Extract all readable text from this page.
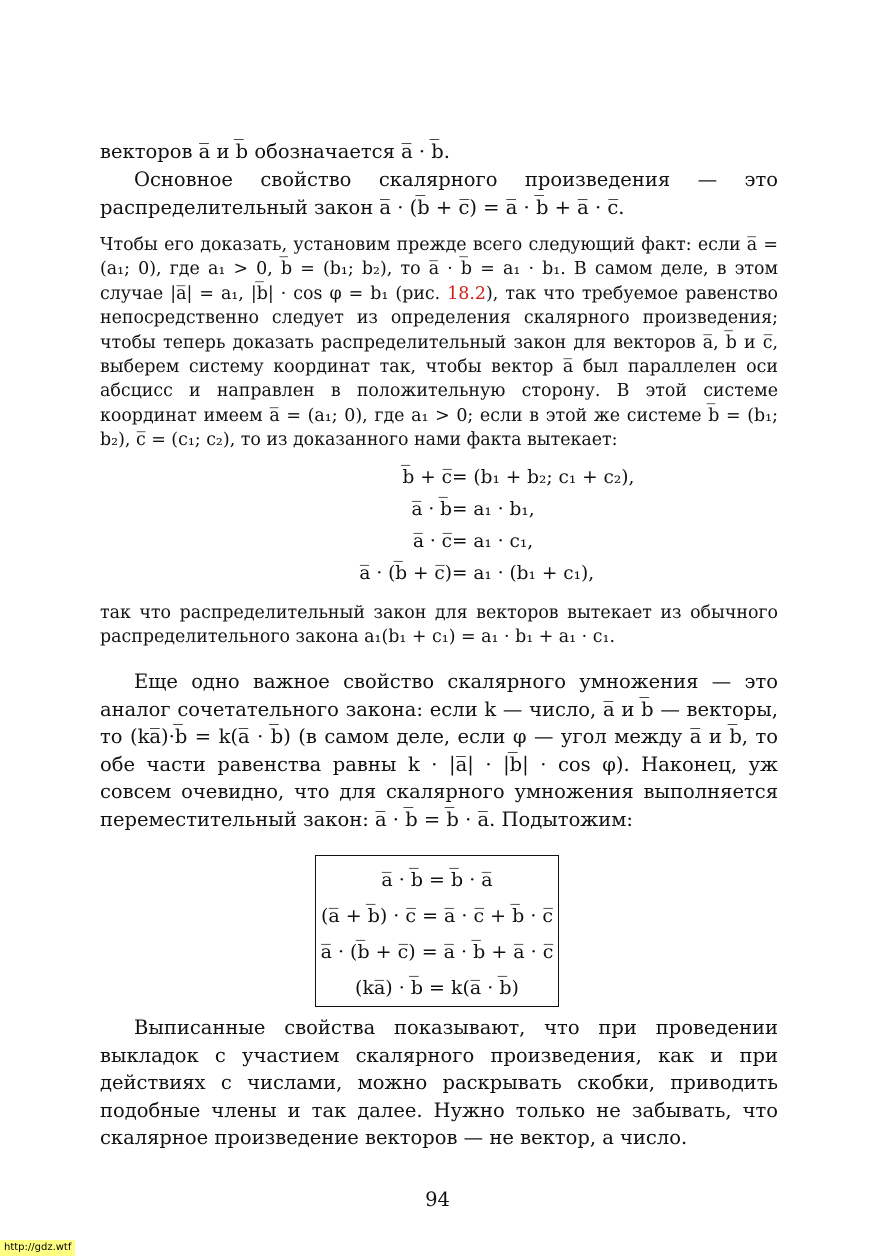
векторов a̅ и b̅ обозначается a̅ · b̅.

Основное свойство скалярного произведения — это распределительный закон a̅ · (b̅ + c̅) = a̅ · b̅ + a̅ · c̅.

Чтобы его доказать, установим прежде всего следующий факт: если a̅ = (a₁; 0), где a₁ > 0, b̅ = (b₁; b₂), то a̅ · b̅ = a₁ · b₁. В самом деле, в этом случае |a̅| = a₁, |b̅| · cos φ = b₁ (рис. 18.2), так что требуемое равенство непосредственно следует из определения скалярного произведения; чтобы теперь доказать распределительный закон для векторов a̅, b̅ и c̅, выберем систему координат так, чтобы вектор a̅ был параллелен оси абсцисс и направлен в положительную сторону. В этой системе координат имеем a̅ = (a₁; 0), где a₁ > 0; если в этой же системе b̅ = (b₁; b₂), c̅ = (c₁; c₂), то из доказанного нами факта вытекает:

b̅ + c̅ = (b₁ + b₂; c₁ + c₂),
a̅ · b̅ = a₁ · b₁,
a̅ · c̅ = a₁ · c₁,
a̅ · (b̅ + c̅) = a₁ · (b₁ + c₁),

так что распределительный закон для векторов вытекает из обычного распределительного закона a₁(b₁ + c₁) = a₁ · b₁ + a₁ · c₁.

Еще одно важное свойство скалярного умножения — это аналог сочетательного закона: если k — число, a̅ и b̅ — векторы, то (ka̅)·b̅ = k(a̅ · b̅) (в самом деле, если φ — угол между a̅ и b̅, то обе части равенства равны k · |a̅| · |b̅| · cos φ). Наконец, уж совсем очевидно, что для скалярного умножения выполняется переместительный закон: a̅ · b̅ = b̅ · a̅. Подытожим:

a̅ · b̅ = b̅ · a̅
(a̅ + b̅) · c̅ = a̅ · c̅ + b̅ · c̅
a̅ · (b̅ + c̅) = a̅ · b̅ + a̅ · c̅
(ka̅) · b̅ = k(a̅ · b̅)

Выписанные свойства показывают, что при проведении выкладок с участием скалярного произведения, как и при действиях с числами, можно раскрывать скобки, приводить подобные члены и так далее. Нужно только не забывать, что скалярное произведение векторов — не вектор, а число.

94
http://gdz.wtf
